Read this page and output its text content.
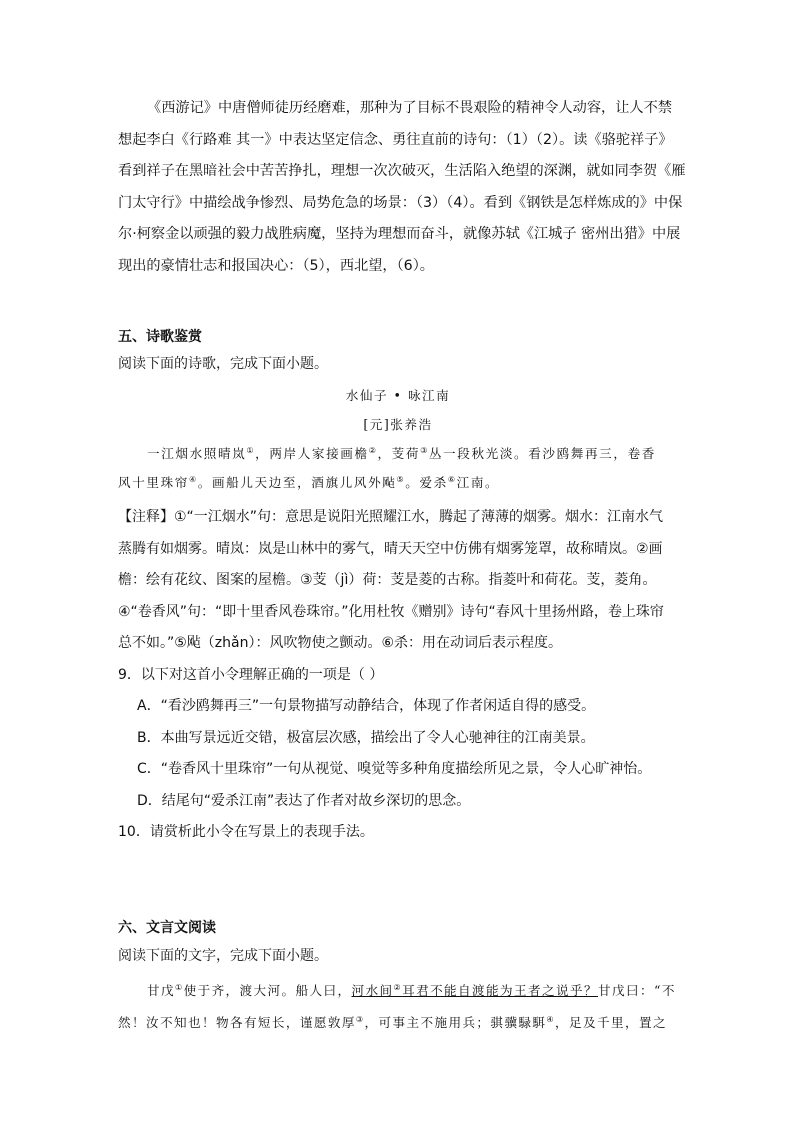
《西游记》中唐僧师徒历经磨难，那种为了目标不畏艰险的精神令人动容，让人不禁
想起李白《行路难 其一》中表达坚定信念、勇往直前的诗句：（1）（2）。读《骆驼祥子》
看到祥子在黑暗社会中苦苦挣扎，理想一次次破灭，生活陷入绝望的深渊，就如同李贺《雁
门太守行》中描绘战争惨烈、局势危急的场景：（3）（4）。看到《钢铁是怎样炼成的》中保
尔·柯察金以顽强的毅力战胜病魔，坚持为理想而奋斗，就像苏轼《江城子 密州出猎》中展
现出的豪情壮志和报国决心：（5），西北望，（6）。
五、诗歌鉴赏
阅读下面的诗歌，完成下面小题。
水仙子 • 咏江南
[元]张养浩
一江烟水照晴岚①，两岸人家接画檐②，芰荷③丛一段秋光淡。看沙鸥舞再三，卷香
风十里珠帘④。画船儿天边至，酒旗儿风外飐⑤。爱杀⑥江南。
【注释】①“一江烟水”句：意思是说阳光照耀江水，腾起了薄薄的烟雾。烟水：江南水气
蒸腾有如烟雾。晴岚：岚是山林中的雾气，晴天天空中仿佛有烟雾笼罩，故称晴岚。②画
檐：绘有花纹、图案的屋檐。③芰（jì）荷：芰是菱的古称。指菱叶和荷花。芰，菱角。
④“卷香风”句：“即十里香风卷珠帘。”化用杜牧《赠别》诗句“春风十里扬州路，卷上珠帘
总不如。”⑤飐（zhǎn）：风吹物使之颤动。⑥杀：用在动词后表示程度。
9．以下对这首小令理解正确的一项是（ ）
A．“看沙鸥舞再三”一句景物描写动静结合，体现了作者闲适自得的感受。
B．本曲写景远近交错，极富层次感，描绘出了令人心驰神往的江南美景。
C．“卷香风十里珠帘”一句从视觉、嗅觉等多种角度描绘所见之景，令人心旷神怡。
D．结尾句“爱杀江南”表达了作者对故乡深切的思念。
10．请赏析此小令在写景上的表现手法。
六、文言文阅读
阅读下面的文字，完成下面小题。
甘戊①使于齐，渡大河。船人曰，河水间②耳君不能自渡能为王者之说乎？甘戊曰：“不
然！汝不知也！物各有短长，谨愿敦厚③，可事主不施用兵；骐骥騄駬④，足及千里，置之
